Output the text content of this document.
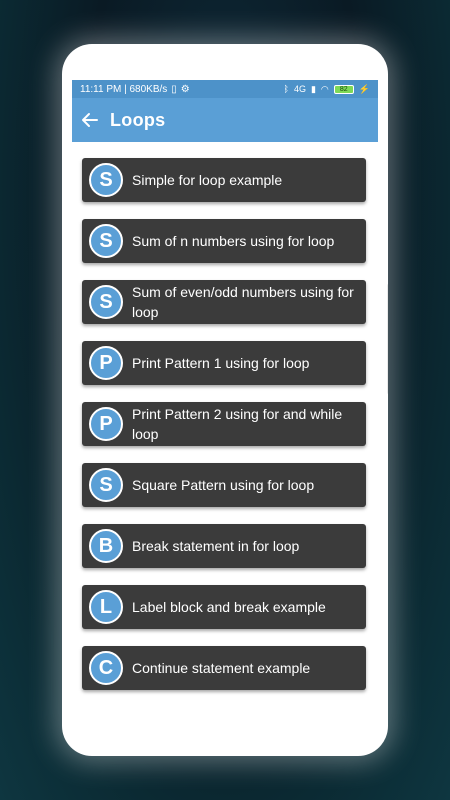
11:11 PM | 680KB/s ▯ ⚙	ᛒ 4G ▮ ◠	82	⚡
Loops
S	Simple for loop example
S	Sum of n numbers using for loop
S	Sum of even/odd numbers using for loop
P	Print Pattern 1 using for loop
P	Print Pattern 2 using for and while loop
S	Square Pattern using for loop
B	Break statement in for loop
L	Label block and break example
C	Continue statement example
